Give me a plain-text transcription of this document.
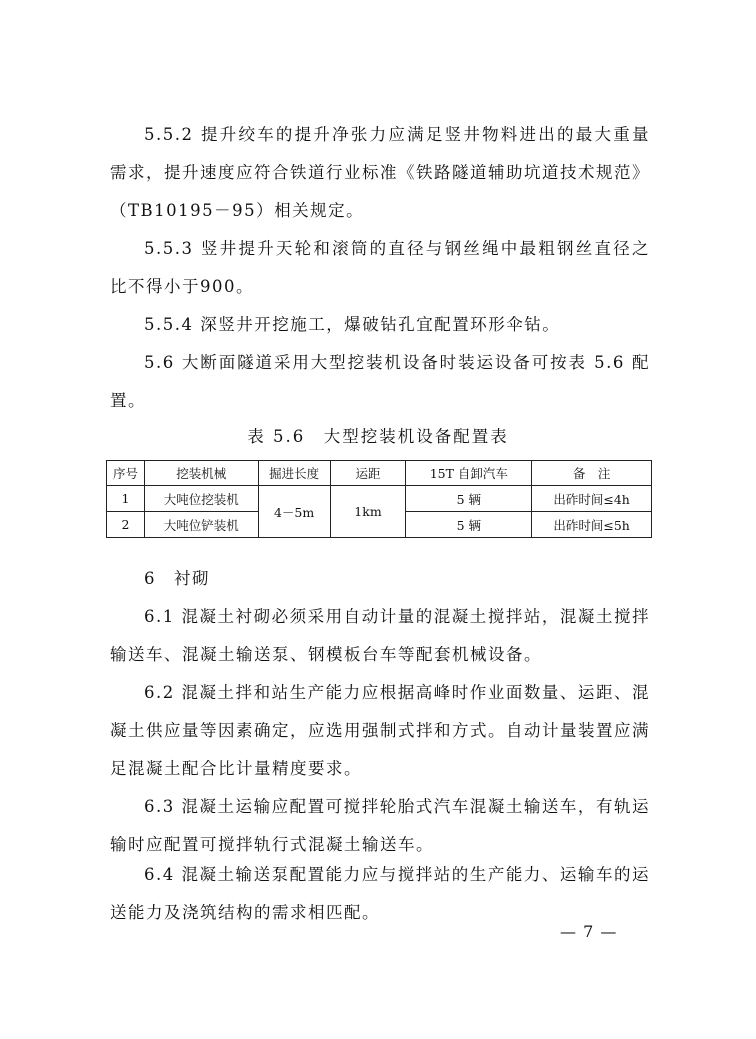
5.5.2 提升绞车的提升净张力应满足竖井物料进出的最大重量需求，提升速度应符合铁道行业标准《铁路隧道辅助坑道技术规范》（TB10195－95）相关规定。
5.5.3 竖井提升天轮和滚筒的直径与钢丝绳中最粗钢丝直径之比不得小于900。
5.5.4 深竖井开挖施工，爆破钻孔宜配置环形伞钻。
5.6 大断面隧道采用大型挖装机设备时装运设备可按表 5.6 配置。
表 5.6　大型挖装机设备配置表
序号	挖装机械	掘进长度	运距	15T 自卸汽车	备　注
1	大吨位挖装机	4－5m	1km	5 辆	出砟时间≤4h
2	大吨位铲装机			5 辆	出砟时间≤5h
6　衬砌
6.1 混凝土衬砌必须采用自动计量的混凝土搅拌站，混凝土搅拌输送车、混凝土输送泵、钢模板台车等配套机械设备。
6.2 混凝土拌和站生产能力应根据高峰时作业面数量、运距、混凝土供应量等因素确定，应选用强制式拌和方式。自动计量装置应满足混凝土配合比计量精度要求。
6.3 混凝土运输应配置可搅拌轮胎式汽车混凝土输送车，有轨运输时应配置可搅拌轨行式混凝土输送车。
6.4 混凝土输送泵配置能力应与搅拌站的生产能力、运输车的运送能力及浇筑结构的需求相匹配。
— 7 —
